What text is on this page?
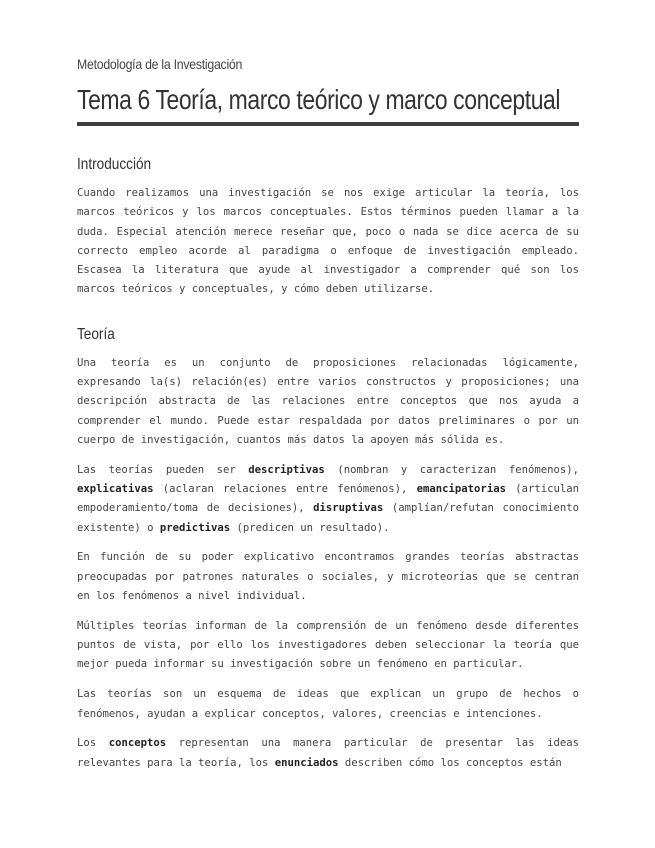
Metodología de la Investigación
Tema 6 Teoría, marco teórico y marco conceptual
Introducción

Cuando realizamos una investigación se nos exige articular la teoría, los marcos teóricos y los marcos conceptuales. Estos términos pueden llamar a la duda. Especial atención merece reseñar que, poco o nada se dice acerca de su correcto empleo acorde al paradigma o enfoque de investigación empleado. Escasea la literatura que ayude al investigador a comprender qué son los marcos teóricos y conceptuales, y cómo deben utilizarse.

Teoría

Una teoría es un conjunto de proposiciones relacionadas lógicamente, expresando la(s) relación(es) entre varios constructos y proposiciones; una descripción abstracta de las relaciones entre conceptos que nos ayuda a comprender el mundo. Puede estar respaldada por datos preliminares o por un cuerpo de investigación, cuantos más datos la apoyen más sólida es.

Las teorías pueden ser descriptivas (nombran y caracterizan fenómenos), explicativas (aclaran relaciones entre fenómenos), emancipatorias (articulan empoderamiento/toma de decisiones), disruptivas (amplían/refutan conocimiento existente) o predictivas (predicen un resultado).

En función de su poder explicativo encontramos grandes teorías abstractas preocupadas por patrones naturales o sociales, y microteorías que se centran en los fenómenos a nivel individual.

Múltiples teorías informan de la comprensión de un fenómeno desde diferentes puntos de vista, por ello los investigadores deben seleccionar la teoría que mejor pueda informar su investigación sobre un fenómeno en particular.

Las teorías son un esquema de ideas que explican un grupo de hechos o fenómenos, ayudan a explicar conceptos, valores, creencias e intenciones.

Los conceptos representan una manera particular de presentar las ideas relevantes para la teoría, los enunciados describen cómo los conceptos están
